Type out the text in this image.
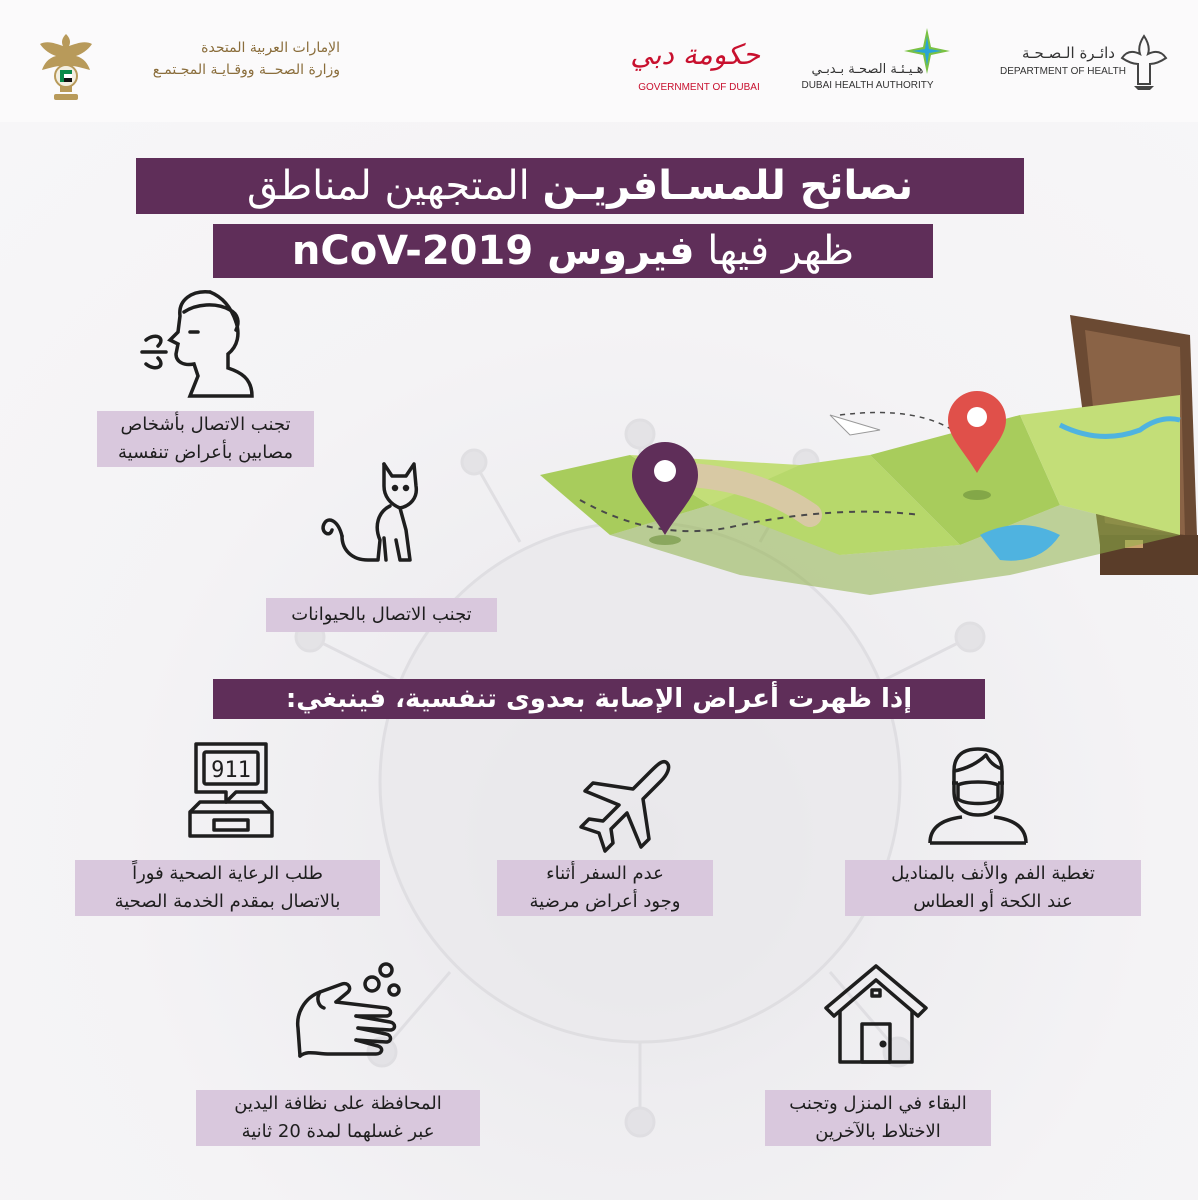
الإمارات العربية المتحدة
وزارة الصحــة ووقـايـة المجـتمـع	حكومة دبي
GOVERNMENT OF DUBAI
هـيـئـة الصحـة بـدبـي
DUBAI HEALTH AUTHORITY
دائـرة الـصـحـة
DEPARTMENT OF HEALTH
نصائح للمسـافريـن المتجهين لمناطق
ظهر فيها فيروس nCoV-2019
تجنب الاتصال بأشخاص
مصابين بأعراض تنفسية
تجنب الاتصال بالحيوانات
إذا ظهرت أعراض الإصابة بعدوى تنفسية، فينبغي:
911
طلب الرعاية الصحية فوراً
بالاتصال بمقدم الخدمة الصحية
عدم السفر أثناء
وجود أعراض مرضية
تغطية الفم والأنف بالمناديل
عند الكحة أو العطاس
المحافظة على نظافة اليدين
عبر غسلهما لمدة 20 ثانية
البقاء في المنزل وتجنب
الاختلاط بالآخرين
